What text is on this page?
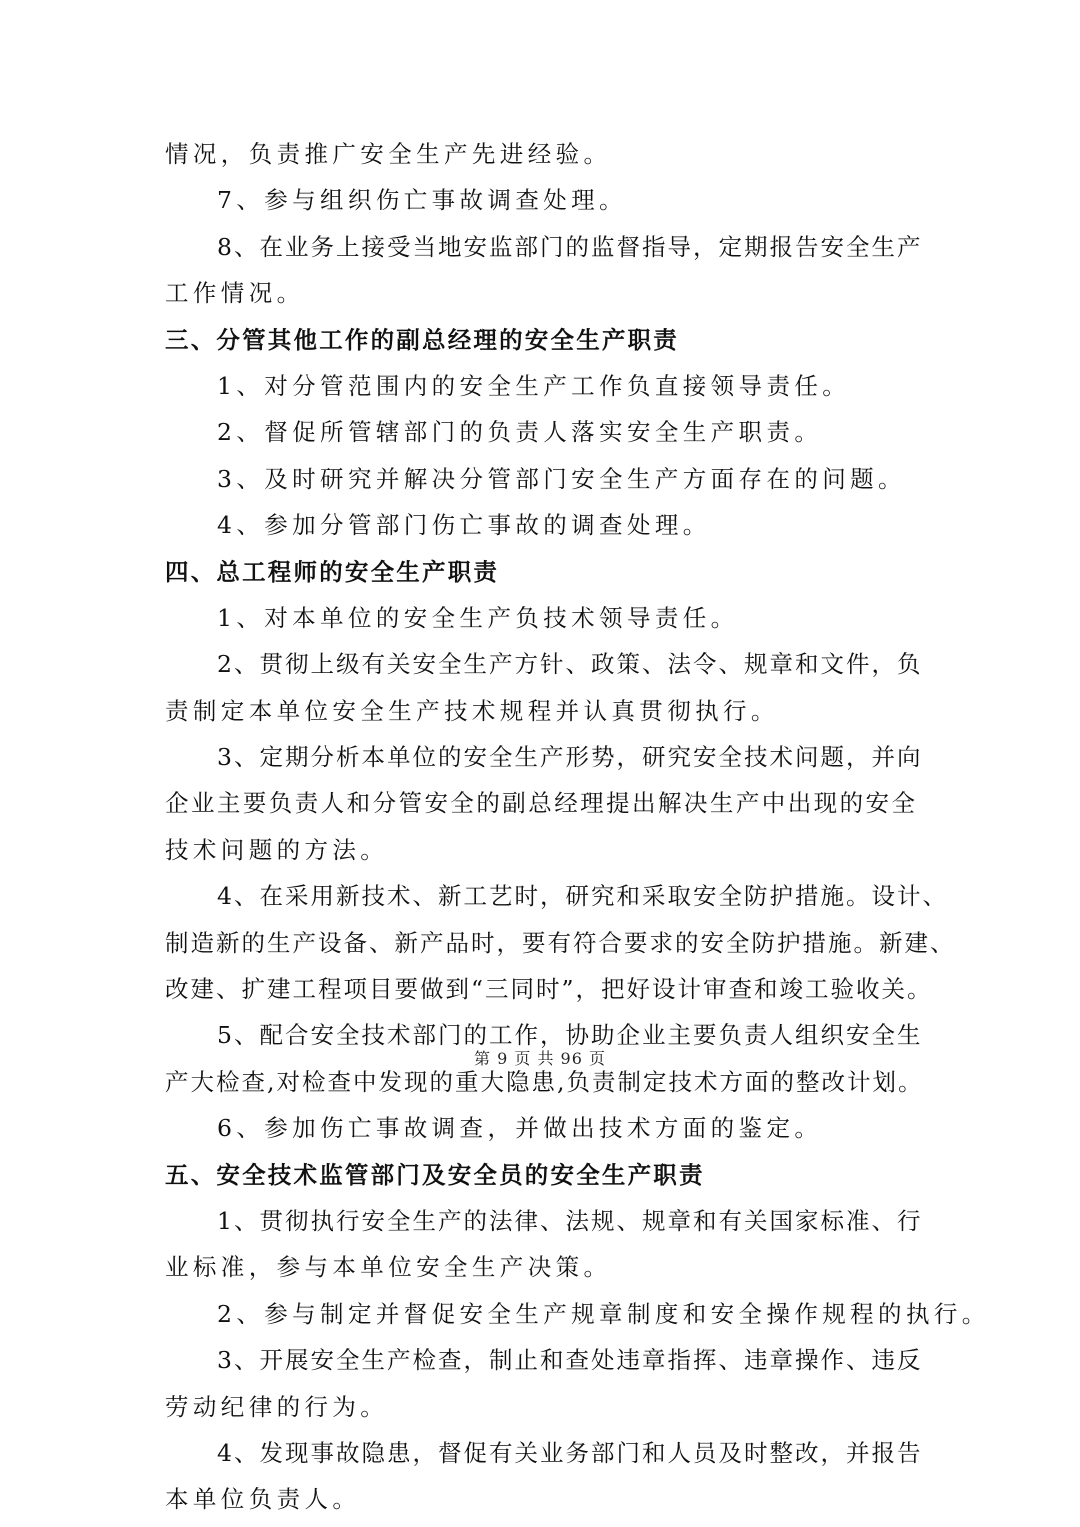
情况，负责推广安全生产先进经验。
7、参与组织伤亡事故调查处理。
8、在业务上接受当地安监部门的监督指导，定期报告安全生产
工作情况。
三、分管其他工作的副总经理的安全生产职责
1、对分管范围内的安全生产工作负直接领导责任。
2、督促所管辖部门的负责人落实安全生产职责。
3、及时研究并解决分管部门安全生产方面存在的问题。
4、参加分管部门伤亡事故的调查处理。
四、总工程师的安全生产职责
1、对本单位的安全生产负技术领导责任。
2、贯彻上级有关安全生产方针、政策、法令、规章和文件，负
责制定本单位安全生产技术规程并认真贯彻执行。
3、定期分析本单位的安全生产形势，研究安全技术问题，并向
企业主要负责人和分管安全的副总经理提出解决生产中出现的安全
技术问题的方法。
4、在采用新技术、新工艺时，研究和采取安全防护措施。设计、
制造新的生产设备、新产品时，要有符合要求的安全防护措施。新建、
改建、扩建工程项目要做到“三同时”，把好设计审查和竣工验收关。
5、配合安全技术部门的工作，协助企业主要负责人组织安全生
产大检查,对检查中发现的重大隐患,负责制定技术方面的整改计划。
6、参加伤亡事故调查，并做出技术方面的鉴定。
五、安全技术监管部门及安全员的安全生产职责
1、贯彻执行安全生产的法律、法规、规章和有关国家标准、行
业标准，参与本单位安全生产决策。
2、参与制定并督促安全生产规章制度和安全操作规程的执行。
3、开展安全生产检查，制止和查处违章指挥、违章操作、违反
劳动纪律的行为。
4、发现事故隐患，督促有关业务部门和人员及时整改，并报告
本单位负责人。
第 9 页 共 96 页
